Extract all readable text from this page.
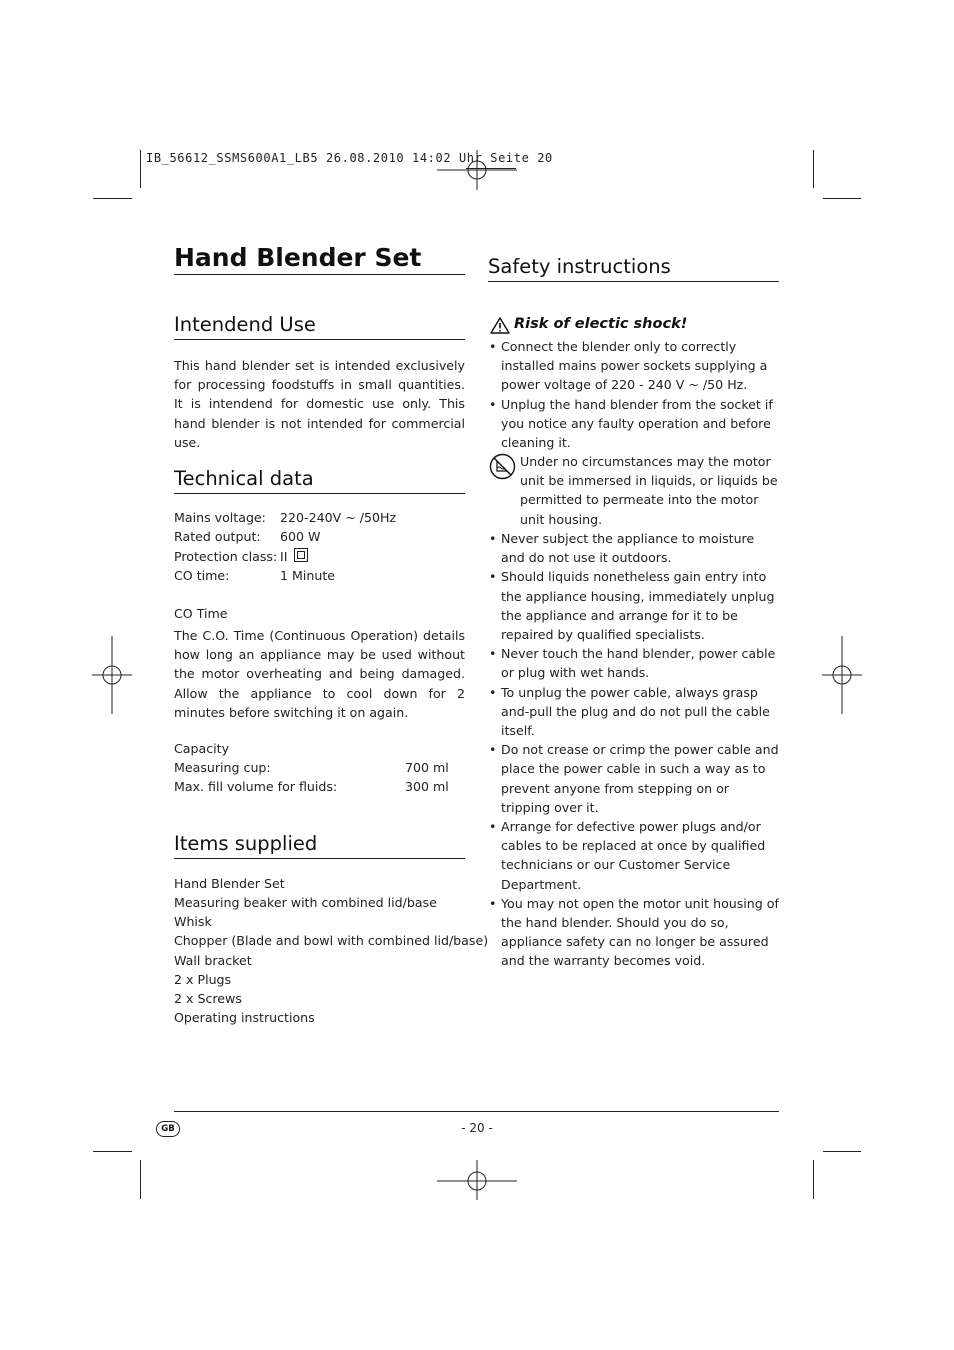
IB_56612_SSMS600A1_LB5 26.08.2010 14:02 Uhr Seite 20
Hand Blender Set
Intendend Use
This hand blender set is intended exclusively for processing foodstuffs in small quantities. It is intendend for domestic use only. This hand blender is not intended for commercial use.
Technical data
Mains voltage: 220-240V ~ /50Hz
Rated output: 600 W
Protection class: II
CO time:	1 Minute
CO Time
The C.O. Time (Continuous Operation) details how long an appliance may be used without the motor overheating and being damaged. Allow the appliance to cool down for 2 minutes before switching it on again.
Capacity
Measuring cup:	700 ml
Max. fill volume for fluids:	300 ml
Items supplied
Hand Blender Set
Measuring beaker with combined lid/base
Whisk
Chopper (Blade and bowl with combined lid/base)
Wall bracket
2 x Plugs
2 x Screws
Operating instructions
Safety instructions
Risk of electic shock!
• Connect the blender only to correctly installed mains power sockets supplying a power voltage of 220 - 240 V ~ /50 Hz.
• Unplug the hand blender from the socket if you notice any faulty operation and before cleaning it.
Under no circumstances may the motor unit be immersed in liquids, or liquids be permitted to permeate into the motor unit housing.
• Never subject the appliance to moisture and do not use it outdoors.
• Should liquids nonetheless gain entry into the appliance housing, immediately unplug the appliance and arrange for it to be repaired by qualified specialists.
• Never touch the hand blender, power cable or plug with wet hands.
• To unplug the power cable, always grasp and-pull the plug and do not pull the cable itself.
• Do not crease or crimp the power cable and place the power cable in such a way as to prevent anyone from stepping on or tripping over it.
• Arrange for defective power plugs and/or cables to be replaced at once by qualified technicians or our Customer Service Department.
• You may not open the motor unit housing of the hand blender. Should you do so, appliance safety can no longer be assured and the warranty becomes void.
GB	- 20 -
